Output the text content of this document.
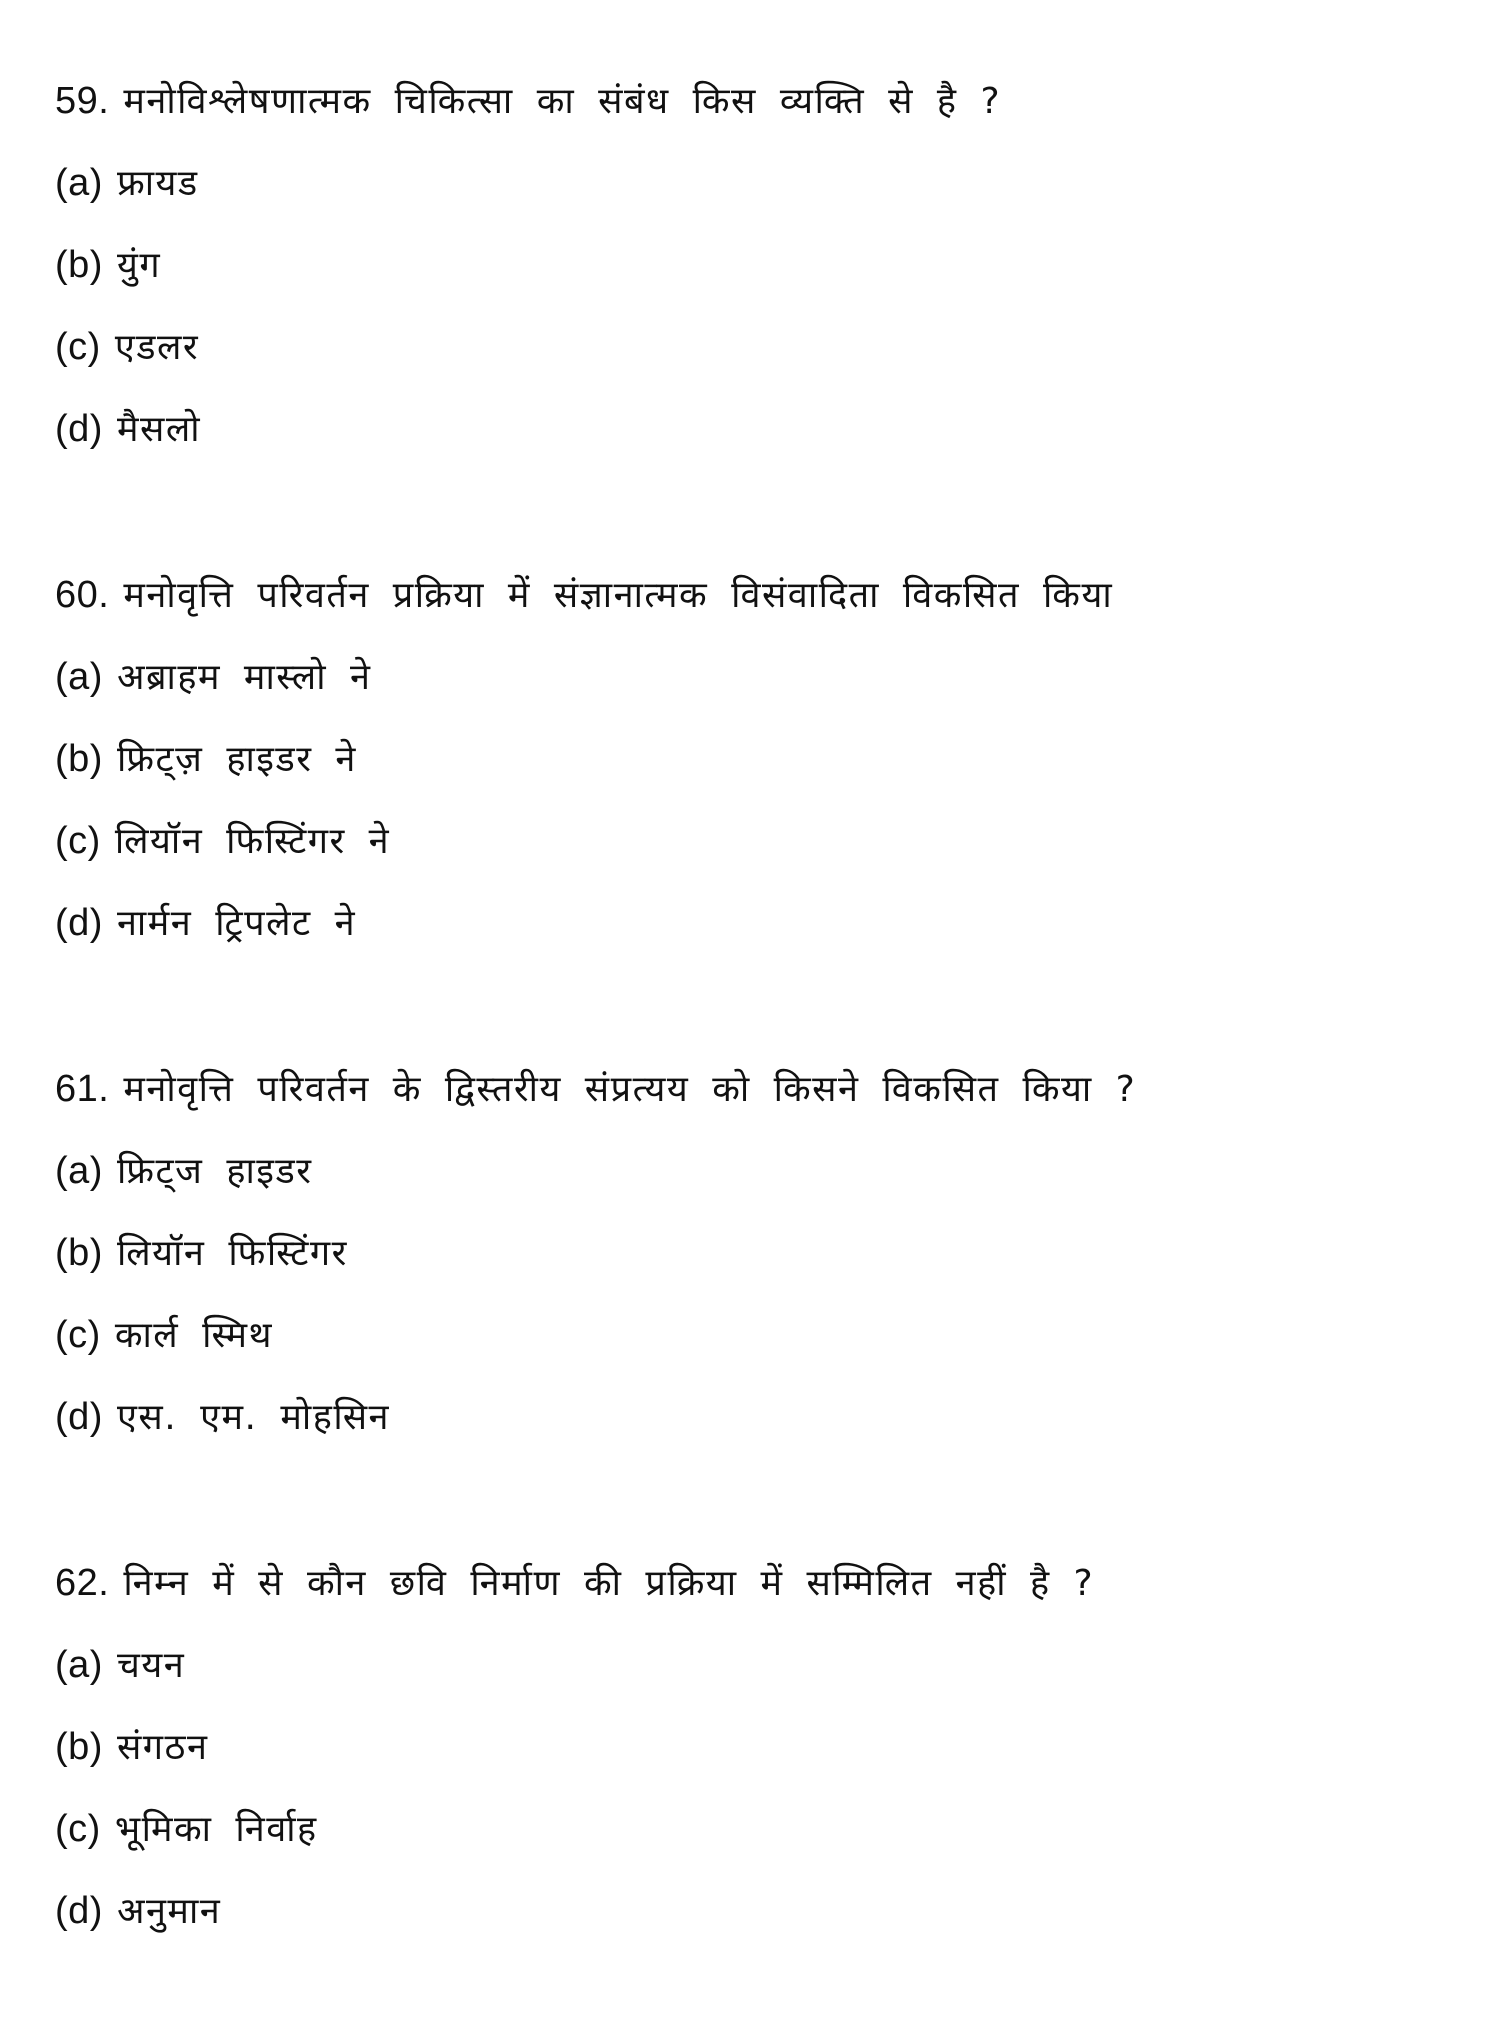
59. मनोविश्लेषणात्मक चिकित्सा का संबंध किस व्यक्ति से है ?
(a) फ्रायड
(b) युंग
(c) एडलर
(d) मैसलो
60. मनोवृत्ति परिवर्तन प्रक्रिया में संज्ञानात्मक विसंवादिता विकसित किया
(a) अब्राहम मास्लो ने
(b) फ्रिट्ज़ हाइडर ने
(c) लियॉन फिस्टिंगर ने
(d) नार्मन ट्रिपलेट ने
61. मनोवृत्ति परिवर्तन के द्विस्तरीय संप्रत्यय को किसने विकसित किया ?
(a) फ्रिट्ज हाइडर
(b) लियॉन फिस्टिंगर
(c) कार्ल स्मिथ
(d) एस. एम. मोहसिन
62. निम्न में से कौन छवि निर्माण की प्रक्रिया में सम्मिलित नहीं है ?
(a) चयन
(b) संगठन
(c) भूमिका निर्वाह
(d) अनुमान
